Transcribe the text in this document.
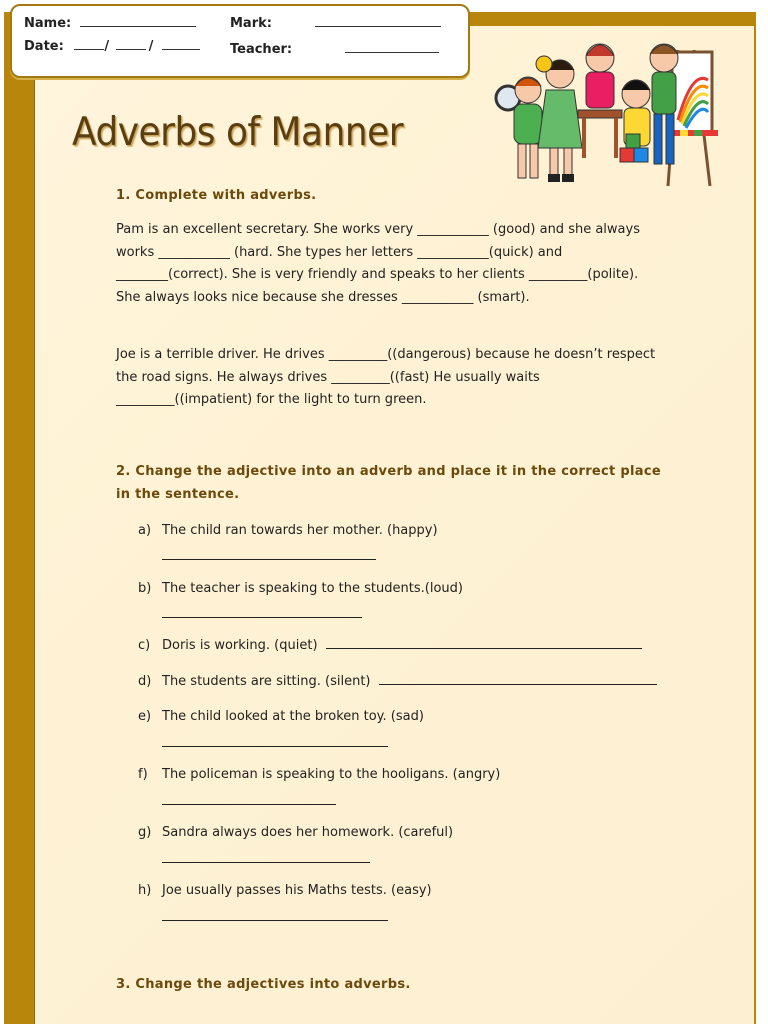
Name:
Date:	/	/
Mark:
Teacher:
Adverbs of Manner
1. Complete with adverbs.
Pam is an excellent secretary. She works very ___________ (good) and she always works ___________ (hard. She types her letters ___________(quick) and ________(correct). She is very friendly and speaks to her clients _________(polite). She always looks nice because she dresses ___________ (smart).
Joe is a terrible driver. He drives _________((dangerous) because he doesn’t respect the road signs. He always drives _________((fast) He usually waits _________((impatient) for the light to turn green.
2. Change the adjective into an adverb and place it in the correct place
in the sentence.
a) The child ran towards her mother. (happy)
b) The teacher is speaking to the students.(loud)
c) Doris is working. (quiet)
d) The students are sitting. (silent)
e) The child looked at the broken toy. (sad)
f) The policeman is speaking to the hooligans. (angry)
g) Sandra always does her homework. (careful)
h) Joe usually passes his Maths tests. (easy)
3. Change the adjectives into adverbs.
